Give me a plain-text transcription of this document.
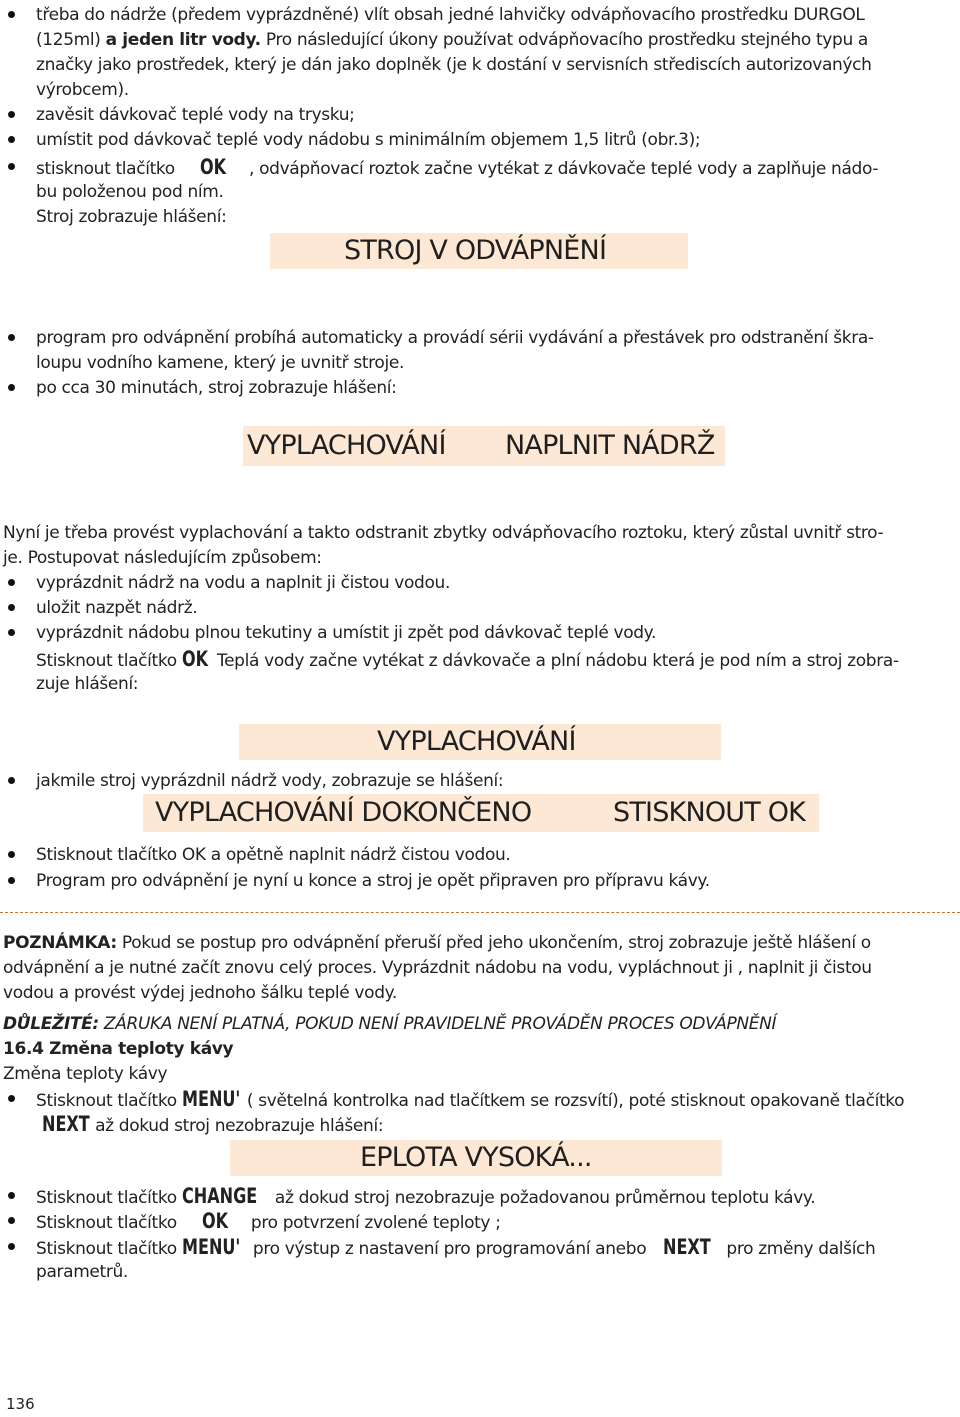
třeba do nádrže (předem vyprázdněné) vlít obsah jedné lahvičky odvápňovacího prostředku DURGOL
(125ml) a jeden litr vody. Pro následující úkony používat odvápňovacího prostředku stejného typu a
značky jako prostředek, který je dán jako doplněk (je k dostání v servisních střediscích autorizovaných
výrobcem).
zavěsit dávkovač teplé vody na trysku;
umístit pod dávkovač teplé vody nádobu s minimálním objemem 1,5 litrů (obr.3);
stisknout tlačítko OK , odvápňovací roztok začne vytékat z dávkovače teplé vody a zaplňuje nádo-
bu položenou pod ním.
Stroj zobrazuje hlášení:
STROJ V ODVÁPNĚNÍ
program pro odvápnění probíhá automaticky a provádí sérii vydávání a přestávek pro odstranění škra-
loupu vodního kamene, který je uvnitř stroje.
po cca 30 minutách, stroj zobrazuje hlášení:
VYPLACHOVÁNÍ NAPLNIT NÁDRŽ
Nyní je třeba provést vyplachování a takto odstranit zbytky odvápňovacího roztoku, který zůstal uvnitř stro-
je. Postupovat následujícím způsobem:
vyprázdnit nádrž na vodu a naplnit ji čistou vodou.
uložit nazpět nádrž.
vyprázdnit nádobu plnou tekutiny a umístit ji zpět pod dávkovač teplé vody.
Stisknout tlačítko OK Teplá vody začne vytékat z dávkovače a plní nádobu která je pod ním a stroj zobra-
zuje hlášení:
VYPLACHOVÁNÍ
jakmile stroj vyprázdnil nádrž vody, zobrazuje se hlášení:
VYPLACHOVÁNÍ DOKONČENO	STISKNOUT OK
Stisknout tlačítko OK a opětně naplnit nádrž čistou vodou.
Program pro odvápnění je nyní u konce a stroj je opět připraven pro přípravu kávy.
POZNÁMKA: Pokud se postup pro odvápnění přeruší před jeho ukončením, stroj zobrazuje ještě hlášení o
odvápnění a je nutné začít znovu celý proces. Vyprázdnit nádobu na vodu, vypláchnout ji , naplnit ji čistou
vodou a provést výdej jednoho šálku teplé vody.
DŮLEŽITÉ: ZÁRUKA NENÍ PLATNÁ, POKUD NENÍ PRAVIDELNĚ PROVÁDĚN PROCES ODVÁPNĚNÍ
16.4 Změna teploty kávy
Změna teploty kávy
Stisknout tlačítko MENU' ( světelná kontrolka nad tlačítkem se rozsvítí), poté stisknout opakovaně tlačítko
NEXT až dokud stroj nezobrazuje hlášení:
EPLOTA VYSOKÁ...
Stisknout tlačítko CHANGE až dokud stroj nezobrazuje požadovanou průměrnou teplotu kávy.
Stisknout tlačítko OK pro potvrzení zvolené teploty ;
Stisknout tlačítko MENU' pro výstup z nastavení pro programování anebo NEXT pro změny dalších
parametrů.
136
